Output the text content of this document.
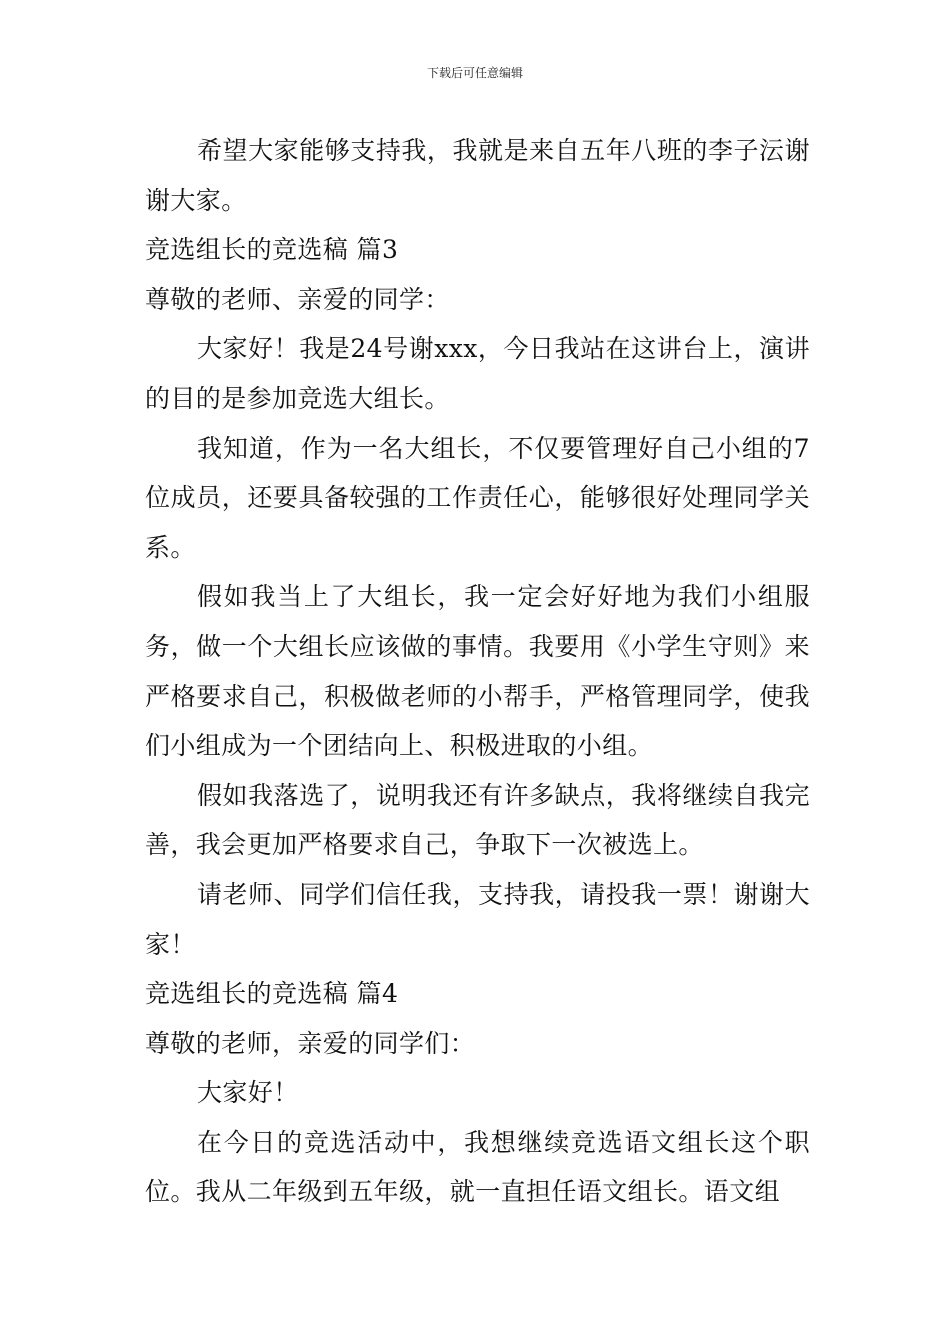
下载后可任意编辑

希望大家能够支持我，我就是来自五年八班的李子沄谢谢大家。

竞选组长的竞选稿 篇3

尊敬的老师、亲爱的同学：

大家好！我是24号谢xxx，今日我站在这讲台上，演讲的目的是参加竞选大组长。

我知道，作为一名大组长，不仅要管理好自己小组的7位成员，还要具备较强的工作责任心，能够很好处理同学关系。

假如我当上了大组长，我一定会好好地为我们小组服务，做一个大组长应该做的事情。我要用《小学生守则》来严格要求自己，积极做老师的小帮手，严格管理同学，使我们小组成为一个团结向上、积极进取的小组。

假如我落选了，说明我还有许多缺点，我将继续自我完善，我会更加严格要求自己，争取下一次被选上。

请老师、同学们信任我，支持我，请投我一票！谢谢大家！

竞选组长的竞选稿 篇4

尊敬的老师，亲爱的同学们：

大家好！

在今日的竞选活动中，我想继续竞选语文组长这个职位。我从二年级到五年级，就一直担任语文组长。语文组
